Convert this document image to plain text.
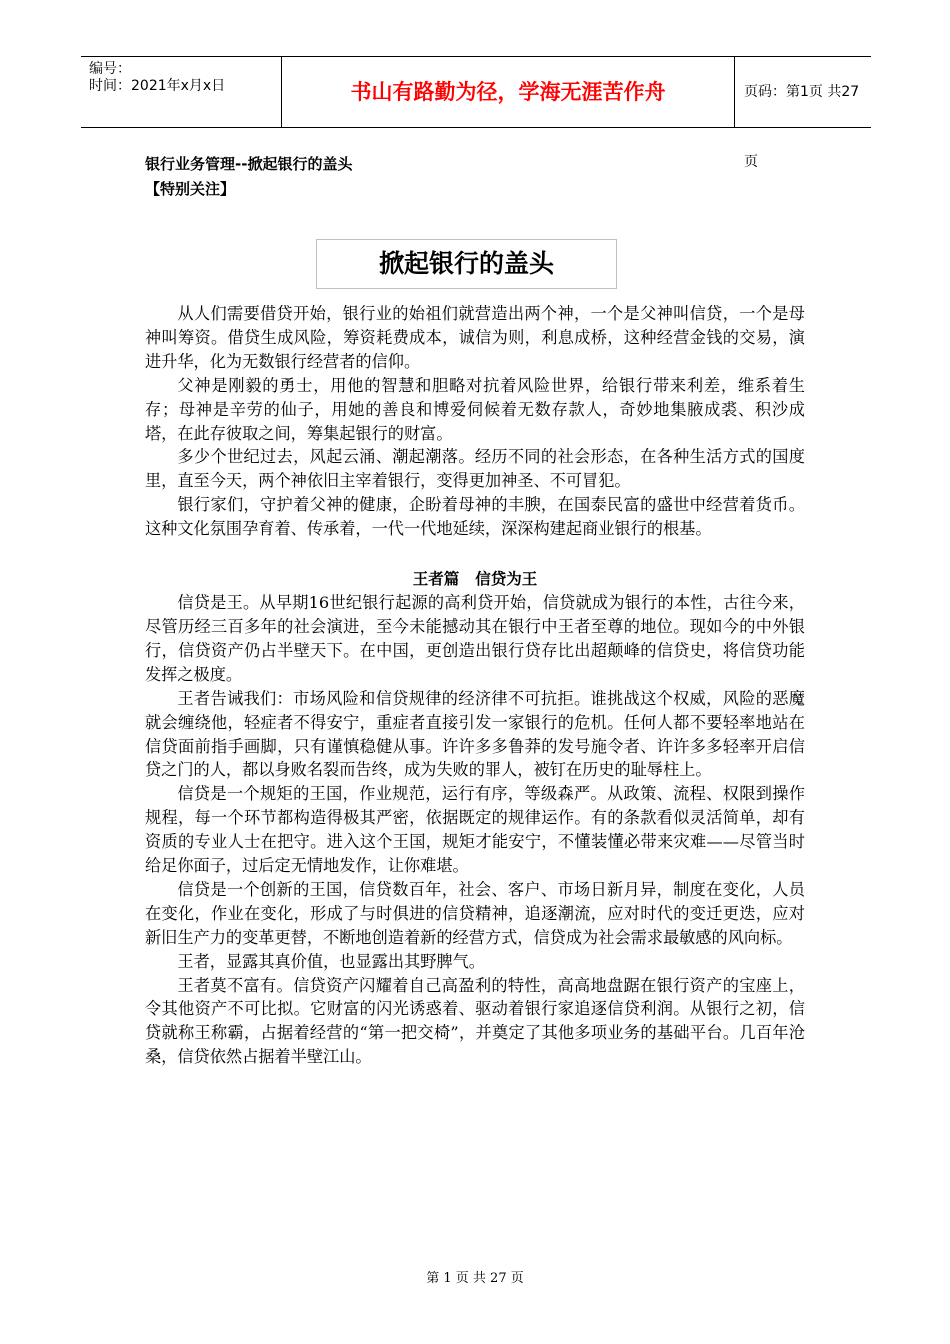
编号：
时间：2021年x月x日	书山有路勤为径，学海无涯苦作舟	页码：第1页 共27页
银行业务管理--掀起银行的盖头
【特别关注】
掀起银行的盖头

从人们需要借贷开始，银行业的始祖们就营造出两个神，一个是父神叫信贷，一个是母神叫筹资。借贷生成风险，筹资耗费成本，诚信为则，利息成桥，这种经营金钱的交易，演进升华，化为无数银行经营者的信仰。

父神是刚毅的勇士，用他的智慧和胆略对抗着风险世界，给银行带来利差，维系着生存；母神是辛劳的仙子，用她的善良和博爱伺候着无数存款人，奇妙地集腋成裘、积沙成塔，在此存彼取之间，筹集起银行的财富。

多少个世纪过去，风起云涌、潮起潮落。经历不同的社会形态，在各种生活方式的国度里，直至今天，两个神依旧主宰着银行，变得更加神圣、不可冒犯。

银行家们，守护着父神的健康，企盼着母神的丰腴，在国泰民富的盛世中经营着货币。这种文化氛围孕育着、传承着，一代一代地延续，深深构建起商业银行的根基。

王者篇 信贷为王

信贷是王。从早期16世纪银行起源的高利贷开始，信贷就成为银行的本性，古往今来，尽管历经三百多年的社会演进，至今未能撼动其在银行中王者至尊的地位。现如今的中外银行，信贷资产仍占半壁天下。在中国，更创造出银行贷存比出超颠峰的信贷史，将信贷功能发挥之极度。

王者告诫我们：市场风险和信贷规律的经济律不可抗拒。谁挑战这个权威，风险的恶魔就会缠绕他，轻症者不得安宁，重症者直接引发一家银行的危机。任何人都不要轻率地站在信贷面前指手画脚，只有谨慎稳健从事。许许多多鲁莽的发号施令者、许许多多轻率开启信贷之门的人，都以身败名裂而告终，成为失败的罪人，被钉在历史的耻辱柱上。

信贷是一个规矩的王国，作业规范，运行有序，等级森严。从政策、流程、权限到操作规程，每一个环节都构造得极其严密，依据既定的规律运作。有的条款看似灵活简单，却有资质的专业人士在把守。进入这个王国，规矩才能安宁，不懂装懂必带来灾难——尽管当时给足你面子，过后定无情地发作，让你难堪。

信贷是一个创新的王国，信贷数百年，社会、客户、市场日新月异，制度在变化，人员在变化，作业在变化，形成了与时俱进的信贷精神，追逐潮流，应对时代的变迁更迭，应对新旧生产力的变革更替，不断地创造着新的经营方式，信贷成为社会需求最敏感的风向标。

王者，显露其真价值，也显露出其野脾气。

王者莫不富有。信贷资产闪耀着自己高盈利的特性，高高地盘踞在银行资产的宝座上，令其他资产不可比拟。它财富的闪光诱惑着、驱动着银行家追逐信贷利润。从银行之初，信贷就称王称霸，占据着经营的“第一把交椅”，并奠定了其他多项业务的基础平台。几百年沧桑，信贷依然占据着半壁江山。

第 1 页 共 27 页
